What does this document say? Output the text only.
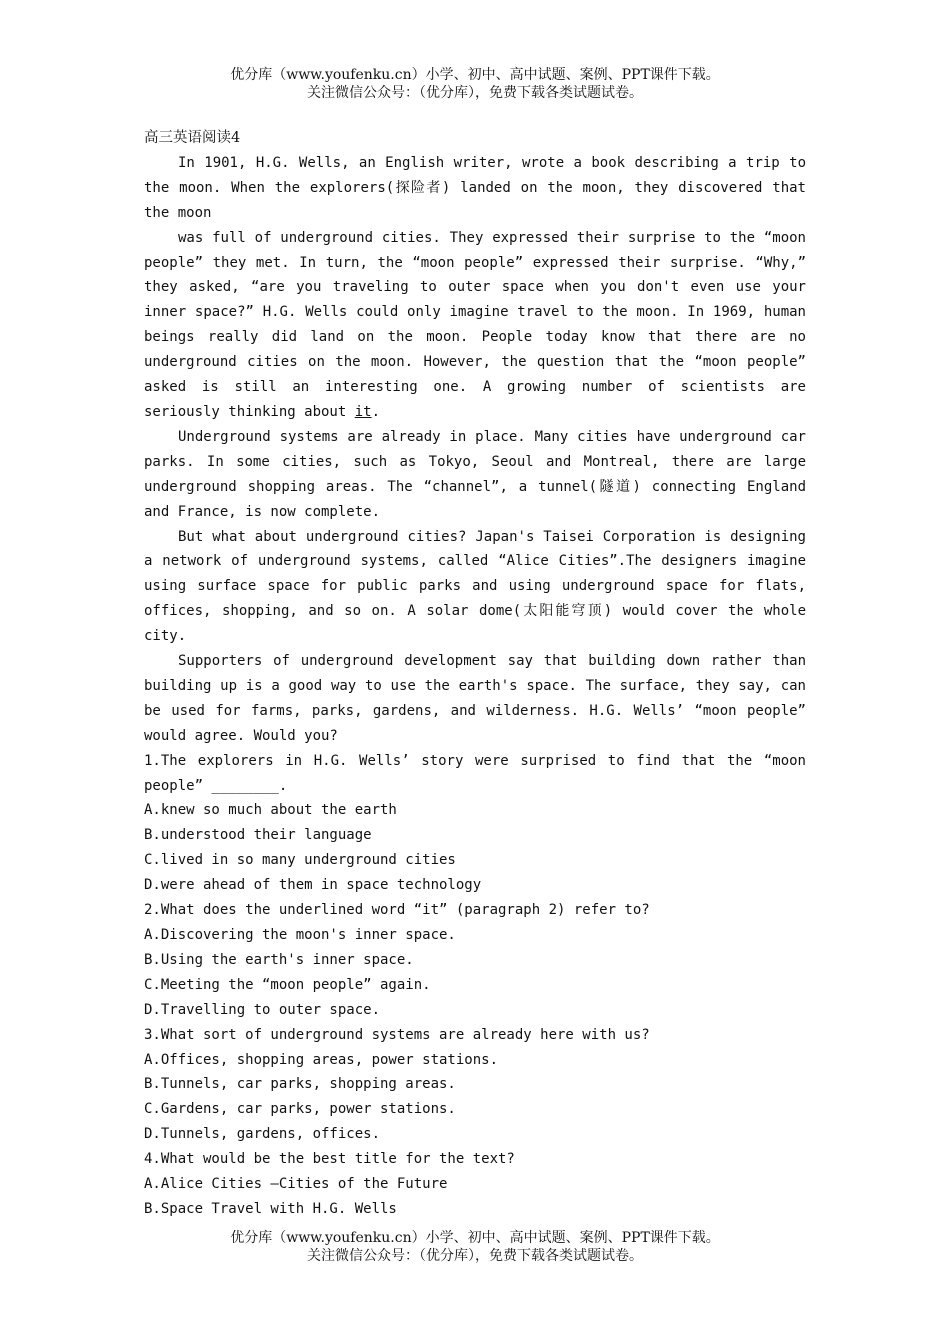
优分库（www.youfenku.cn）小学、初中、高中试题、案例、PPT课件下载。
关注微信公众号：（优分库），免费下载各类试题试卷。

高三英语阅读4

In 1901, H.G. Wells, an English writer, wrote a book describing a trip to the moon. When the explorers(探险者) landed on the moon, they discovered that the moon

was full of underground cities. They expressed their surprise to the “moon people” they met. In turn, the “moon people” expressed their surprise. “Why,” they asked, “are you traveling to outer space when you don't even use your inner space?” H.G. Wells could only imagine travel to the moon. In 1969, human beings really did land on the moon. People today know that there are no underground cities on the moon. However, the question that the “moon people” asked is still an interesting one. A growing number of scientists are seriously thinking about it.

Underground systems are already in place. Many cities have underground car parks. In some cities, such as Tokyo, Seoul and Montreal, there are large underground shopping areas. The “channel”, a tunnel(隧道) connecting England and France, is now complete.

But what about underground cities? Japan's Taisei Corporation is designing a network of underground systems, called “Alice Cities”.The designers imagine using surface space for public parks and using underground space for flats, offices, shopping, and so on. A solar dome(太阳能穹顶) would cover the whole city.

Supporters of underground development say that building down rather than building up is a good way to use the earth's space. The surface, they say, can be used for farms, parks, gardens, and wilderness. H.G. Wells’ “moon people” would agree. Would you?

1.The explorers in H.G. Wells’ story were surprised to find that the “moon people” ________.

A.knew so much about the earth

B.understood their language

C.lived in so many underground cities

D.were ahead of them in space technology

2.What does the underlined word “it” (paragraph 2) refer to?

A.Discovering the moon's inner space.

B.Using the earth's inner space.

C.Meeting the “moon people” again.

D.Travelling to outer space.

3.What sort of underground systems are already here with us?

A.Offices, shopping areas, power stations.

B.Tunnels, car parks, shopping areas.

C.Gardens, car parks, power stations.

D.Tunnels, gardens, offices.

4.What would be the best title for the text?

A.Alice Cities —Cities of the Future

B.Space Travel with H.G. Wells

优分库（www.youfenku.cn）小学、初中、高中试题、案例、PPT课件下载。
关注微信公众号：（优分库），免费下载各类试题试卷。
